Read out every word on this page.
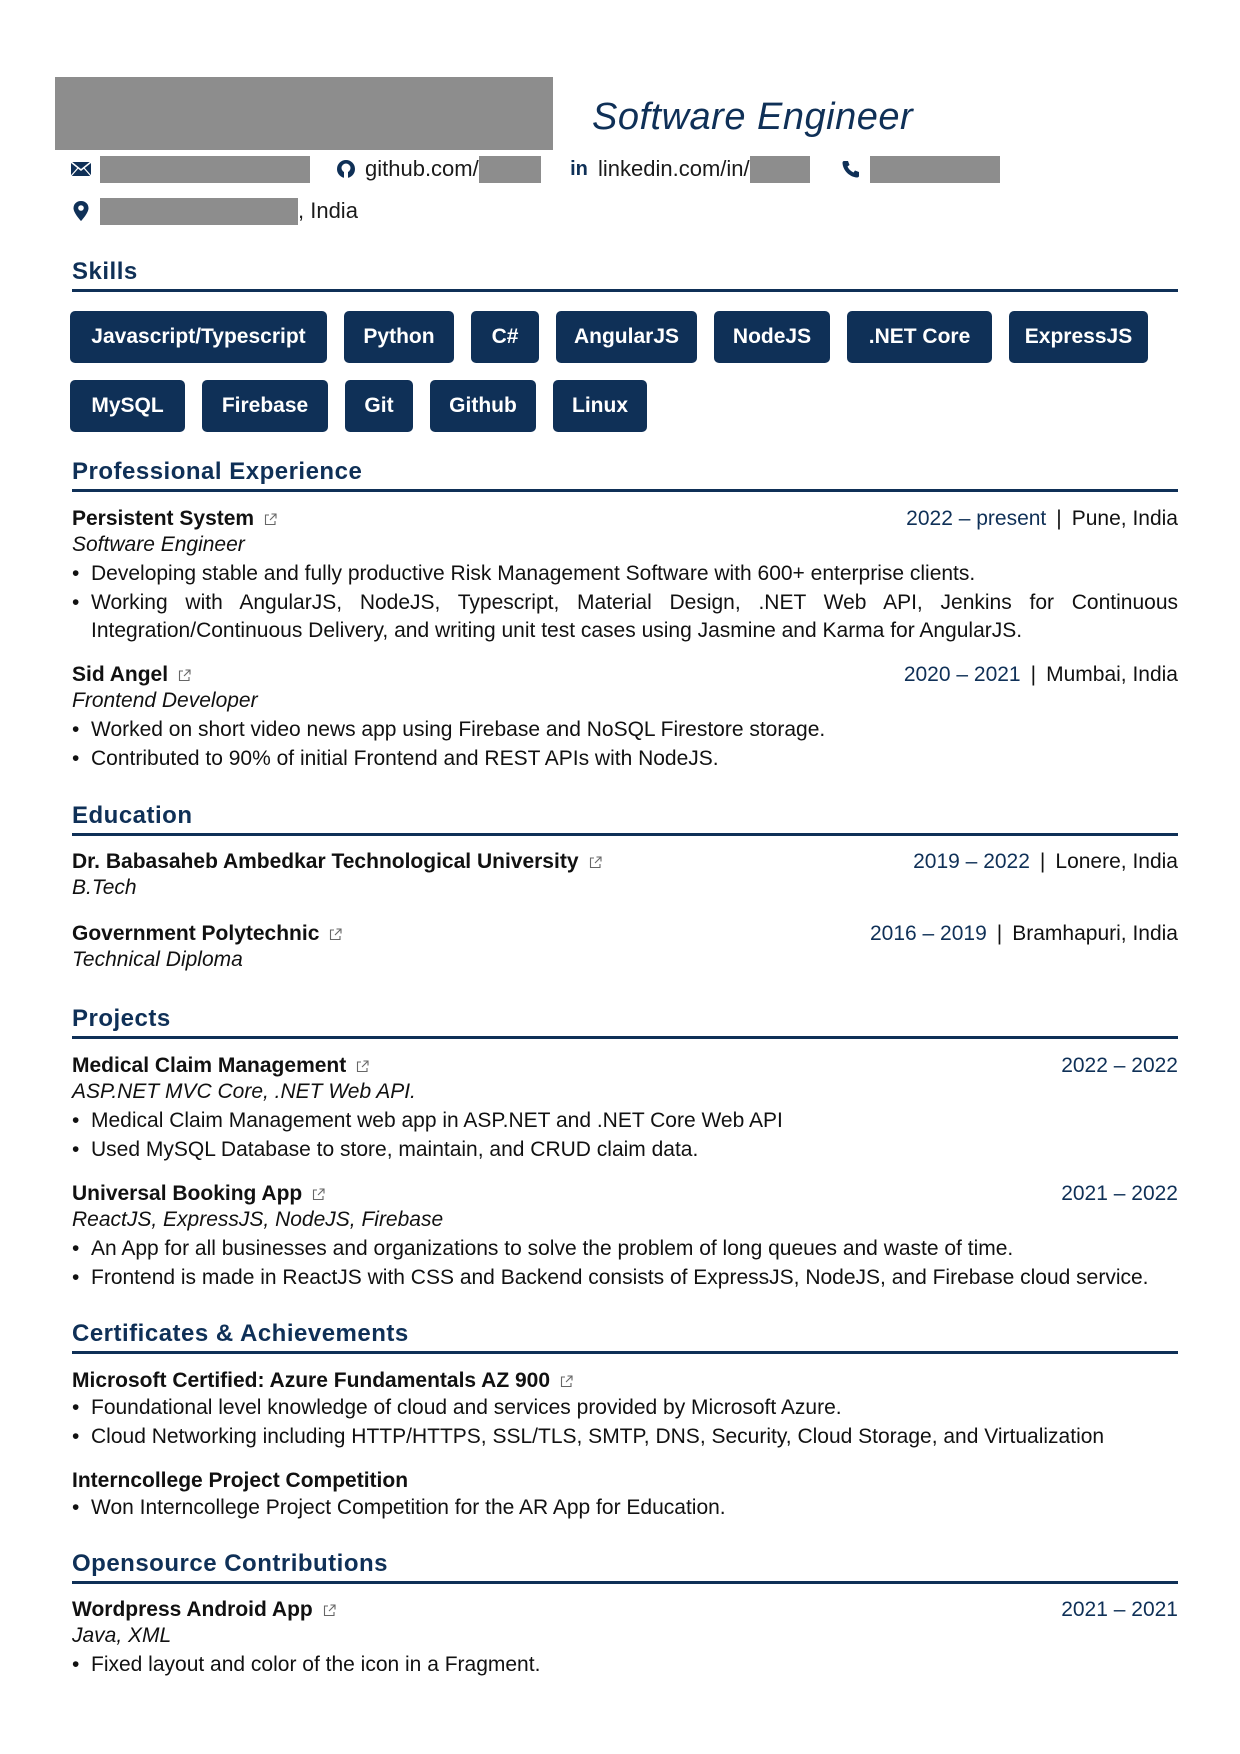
Software Engineer
github.com/	in linkedin.com/in/
, India
Skills
Javascript/Typescript	Python	C#	AngularJS	NodeJS	.NET Core	ExpressJS
MySQL	Firebase	Git	Github	Linux
Professional Experience
Persistent System	2022 – present | Pune, India
Software Engineer
• Developing stable and fully productive Risk Management Software with 600+ enterprise clients.
• Working with AngularJS, NodeJS, Typescript, Material Design, .NET Web API, Jenkins for Continuous Integration/Continuous Delivery, and writing unit test cases using Jasmine and Karma for AngularJS.
Sid Angel	2020 – 2021 | Mumbai, India
Frontend Developer
• Worked on short video news app using Firebase and NoSQL Firestore storage.
• Contributed to 90% of initial Frontend and REST APIs with NodeJS.
Education
Dr. Babasaheb Ambedkar Technological University	2019 – 2022 | Lonere, India
B.Tech
Government Polytechnic	2016 – 2019 | Bramhapuri, India
Technical Diploma
Projects
Medical Claim Management	2022 – 2022
ASP.NET MVC Core, .NET Web API.
• Medical Claim Management web app in ASP.NET and .NET Core Web API
• Used MySQL Database to store, maintain, and CRUD claim data.
Universal Booking App	2021 – 2022
ReactJS, ExpressJS, NodeJS, Firebase
• An App for all businesses and organizations to solve the problem of long queues and waste of time.
• Frontend is made in ReactJS with CSS and Backend consists of ExpressJS, NodeJS, and Firebase cloud service.
Certificates & Achievements
Microsoft Certified: Azure Fundamentals AZ 900
• Foundational level knowledge of cloud and services provided by Microsoft Azure.
• Cloud Networking including HTTP/HTTPS, SSL/TLS, SMTP, DNS, Security, Cloud Storage, and Virtualization
Interncollege Project Competition
• Won Interncollege Project Competition for the AR App for Education.
Opensource Contributions
Wordpress Android App	2021 – 2021
Java, XML
• Fixed layout and color of the icon in a Fragment.
